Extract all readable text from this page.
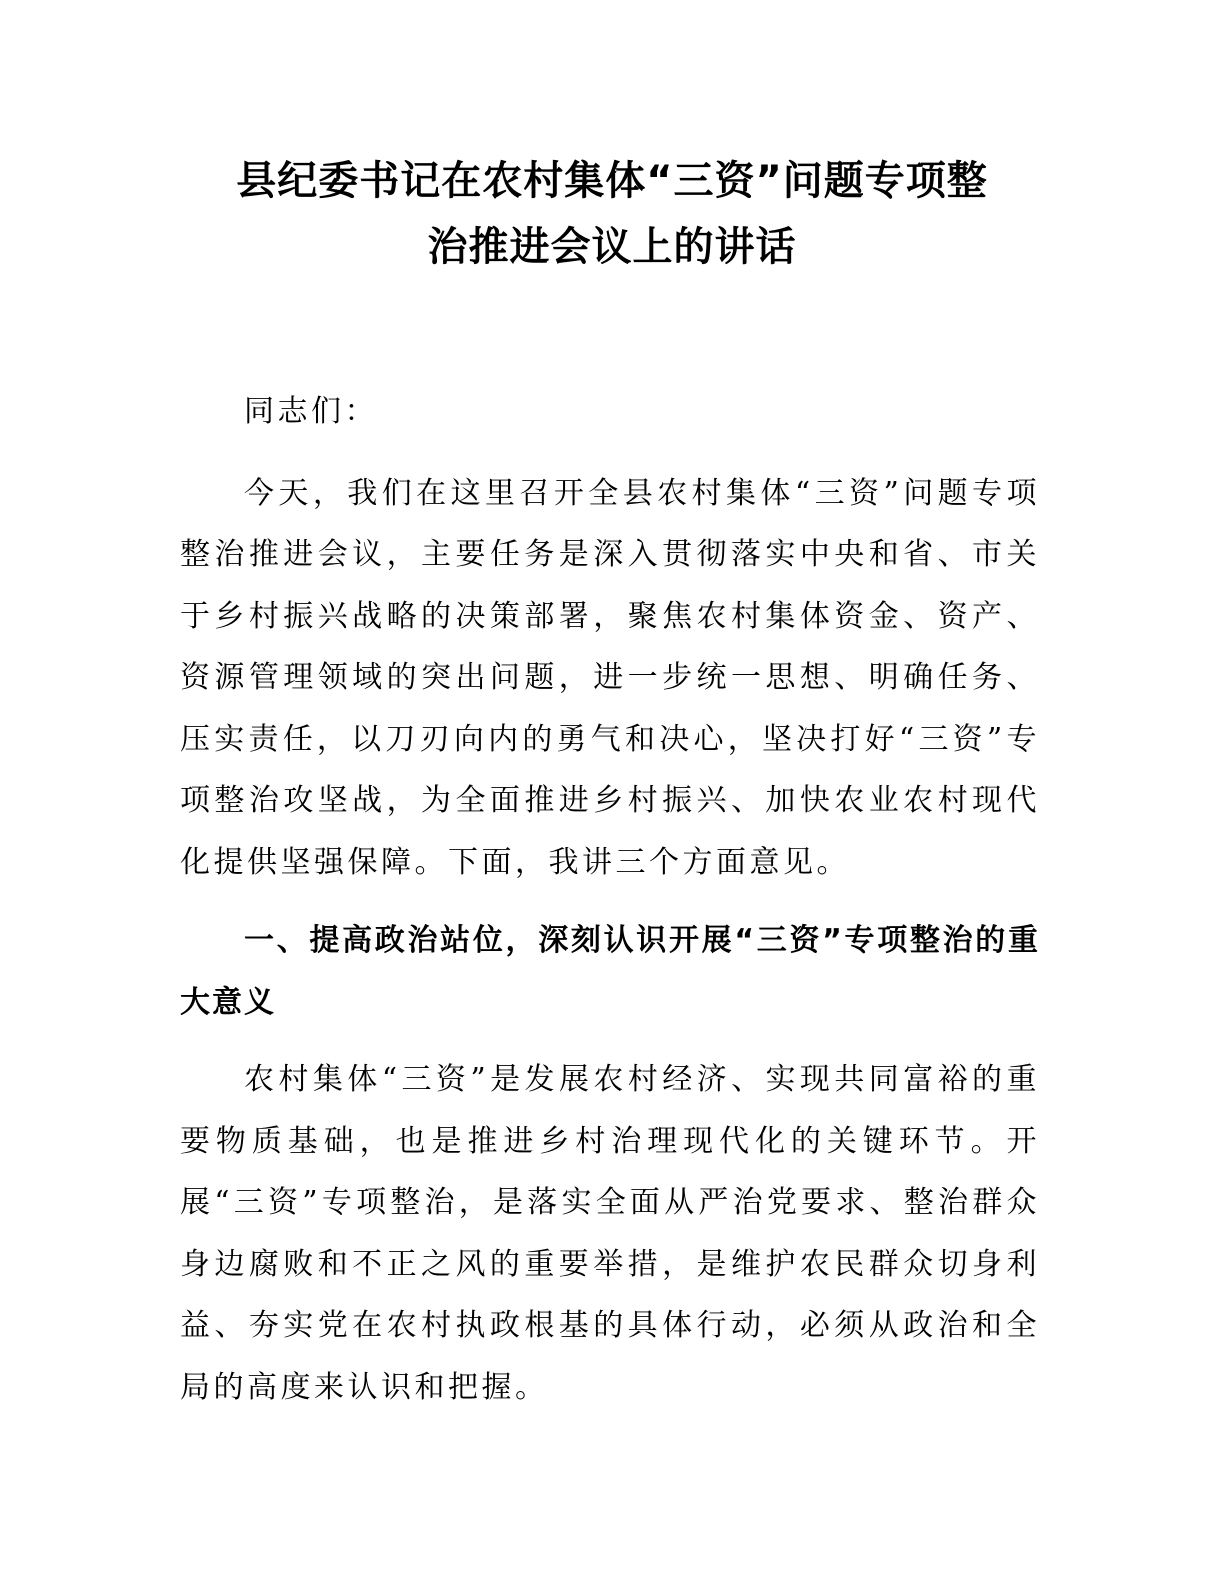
县纪委书记在农村集体“三资”问题专项整
治推进会议上的讲话

同志们：

今天，我们在这里召开全县农村集体“三资”问题专项整治推进会议，主要任务是深入贯彻落实中央和省、市关于乡村振兴战略的决策部署，聚焦农村集体资金、资产、资源管理领域的突出问题，进一步统一思想、明确任务、压实责任，以刀刃向内的勇气和决心，坚决打好“三资”专项整治攻坚战，为全面推进乡村振兴、加快农业农村现代化提供坚强保障。下面，我讲三个方面意见。

一、提高政治站位，深刻认识开展“三资”专项整治的重大意义

农村集体“三资”是发展农村经济、实现共同富裕的重要物质基础，也是推进乡村治理现代化的关键环节。开展“三资”专项整治，是落实全面从严治党要求、整治群众身边腐败和不正之风的重要举措，是维护农民群众切身利益、夯实党在农村执政根基的具体行动，必须从政治和全局的高度来认识和把握。
